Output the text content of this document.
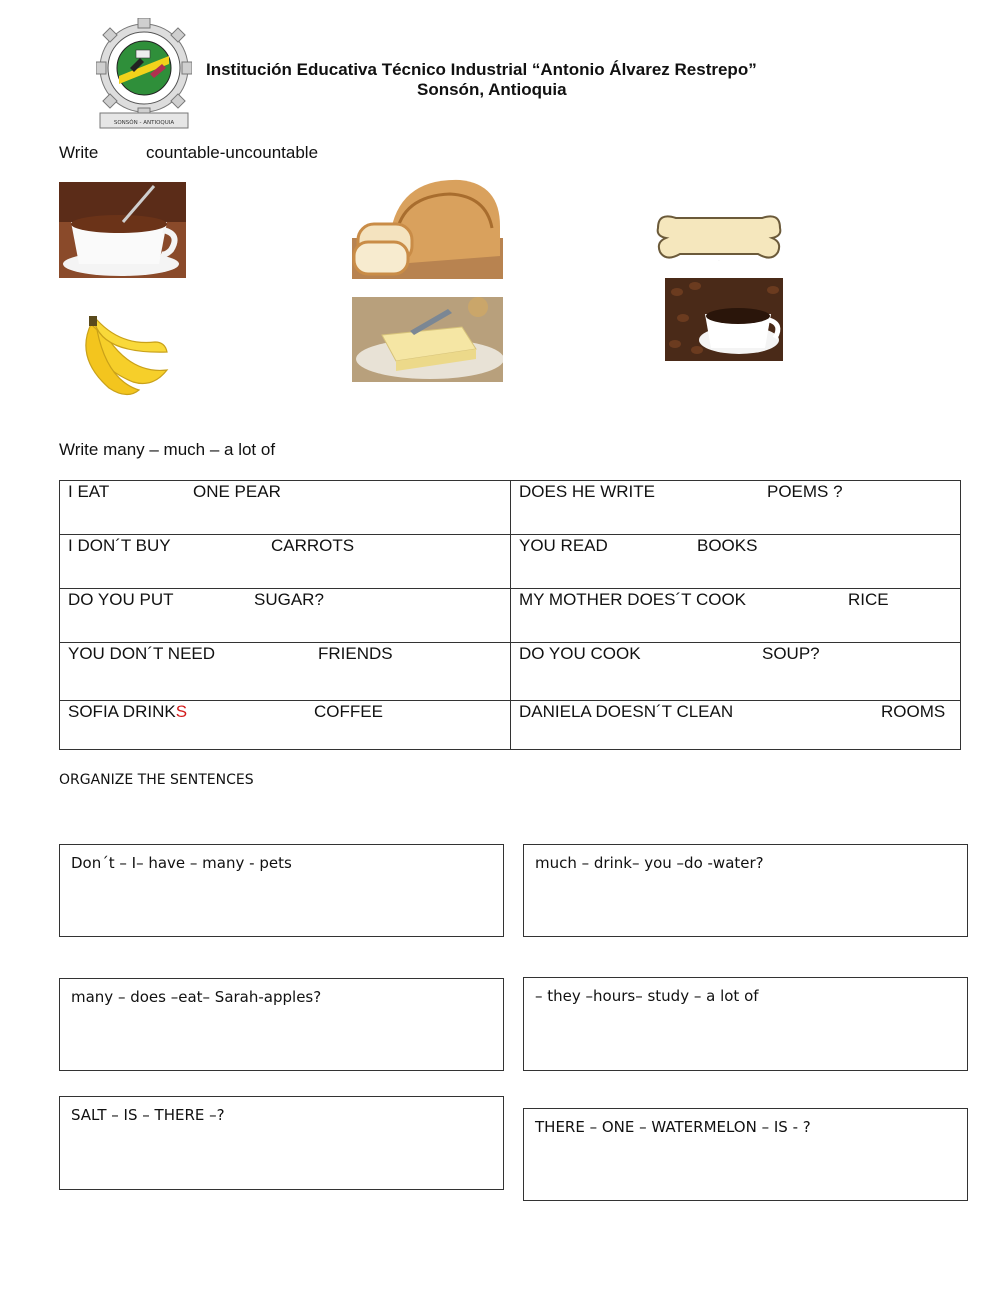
SONSÓN - ANTIOQUIA
Institución Educativa Técnico Industrial “Antonio Álvarez Restrepo”
Sonsón, Antioquia
Write	countable-uncountable
.
Write many – much – a lot of
I EAT ONE PEAR	DOES HE WRITE POEMS ?

I DON´T BUY CARROTS	YOU READ BOOKS

DO YOU PUT SUGAR?	MY MOTHER DOES´T COOK RICE

YOU DON´T NEED FRIENDS	DO YOU COOK SOUP?

SOFIA DRINKS COFFEE	DANIELA DOESN´T CLEAN ROOMS
ORGANIZE THE SENTENCES
Don´t – I– have – many - pets	much – drink– you –do -water?
many – does –eat– Sarah-apples?	– they –hours– study – a lot of
SALT – IS – THERE –?
THERE – ONE – WATERMELON – IS - ?
